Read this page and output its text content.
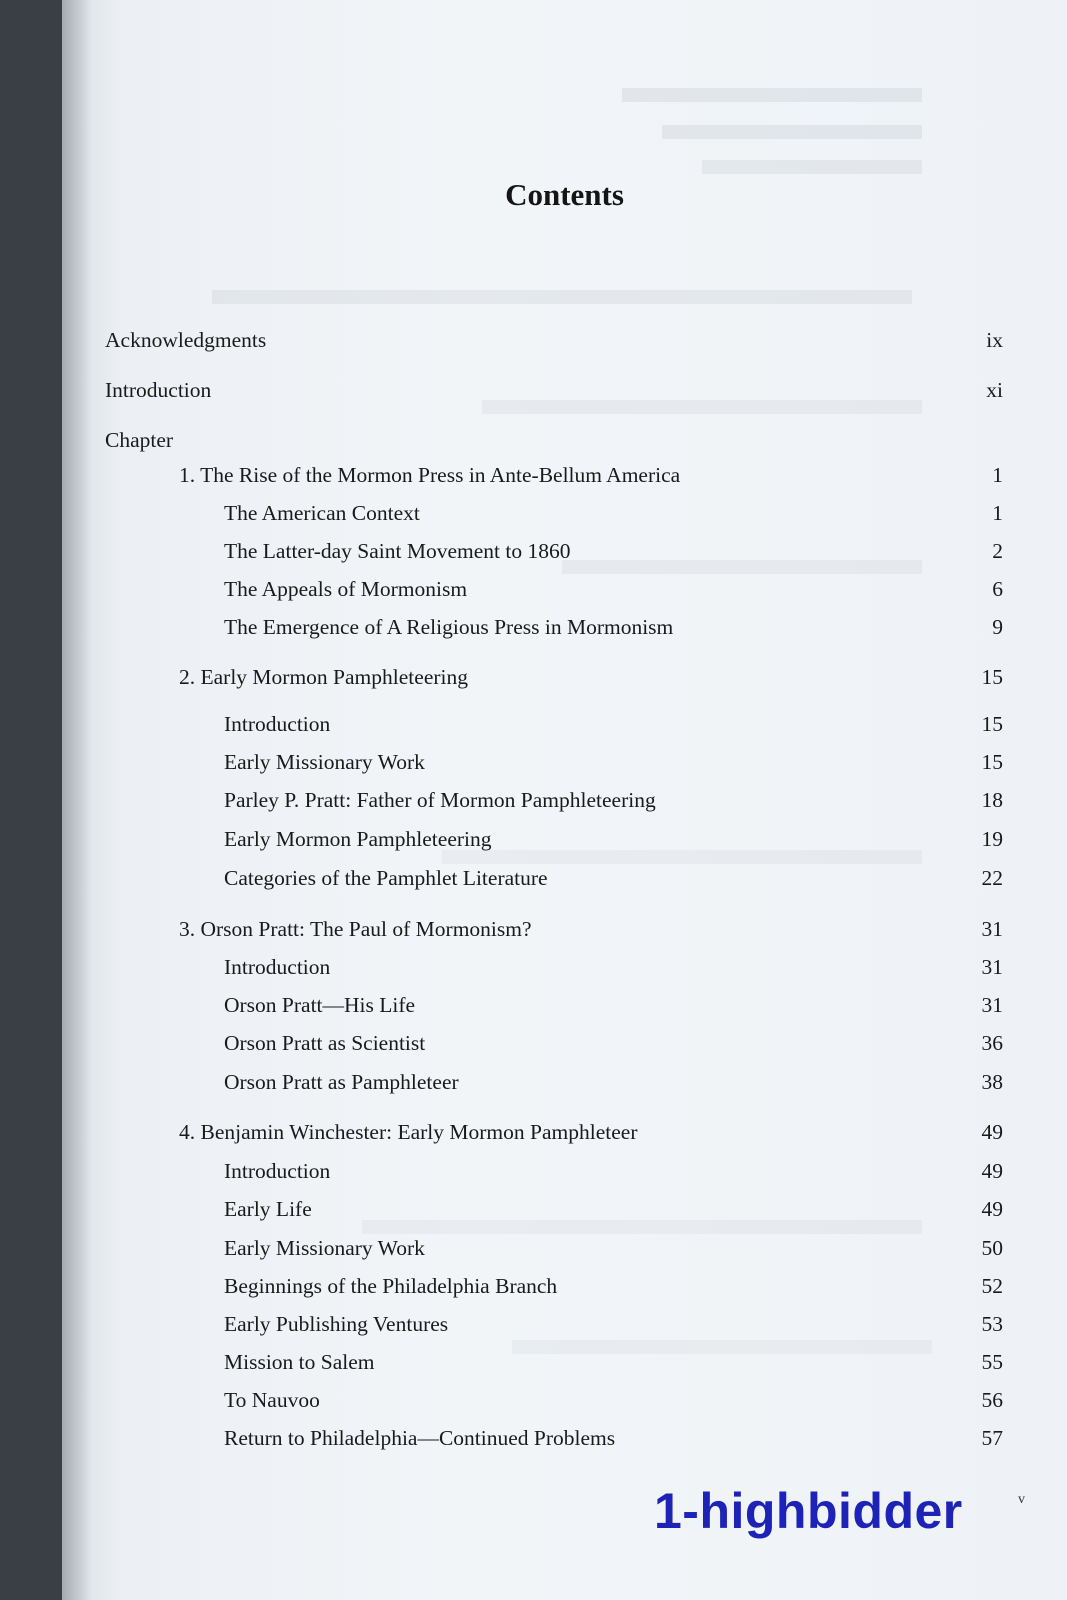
Contents
Acknowledgments	ix
Introduction	xi
Chapter
1. The Rise of the Mormon Press in Ante-Bellum America	1
The American Context	1
The Latter-day Saint Movement to 1860	2
The Appeals of Mormonism	6
The Emergence of A Religious Press in Mormonism	9
2. Early Mormon Pamphleteering	15
Introduction	15
Early Missionary Work	15
Parley P. Pratt: Father of Mormon Pamphleteering	18
Early Mormon Pamphleteering	19
Categories of the Pamphlet Literature	22
3. Orson Pratt: The Paul of Mormonism?	31
Introduction	31
Orson Pratt—His Life	31
Orson Pratt as Scientist	36
Orson Pratt as Pamphleteer	38
4. Benjamin Winchester: Early Mormon Pamphleteer	49
Introduction	49
Early Life	49
Early Missionary Work	50
Beginnings of the Philadelphia Branch	52
Early Publishing Ventures	53
Mission to Salem	55
To Nauvoo	56
Return to Philadelphia—Continued Problems	57
v
1-highbidder
